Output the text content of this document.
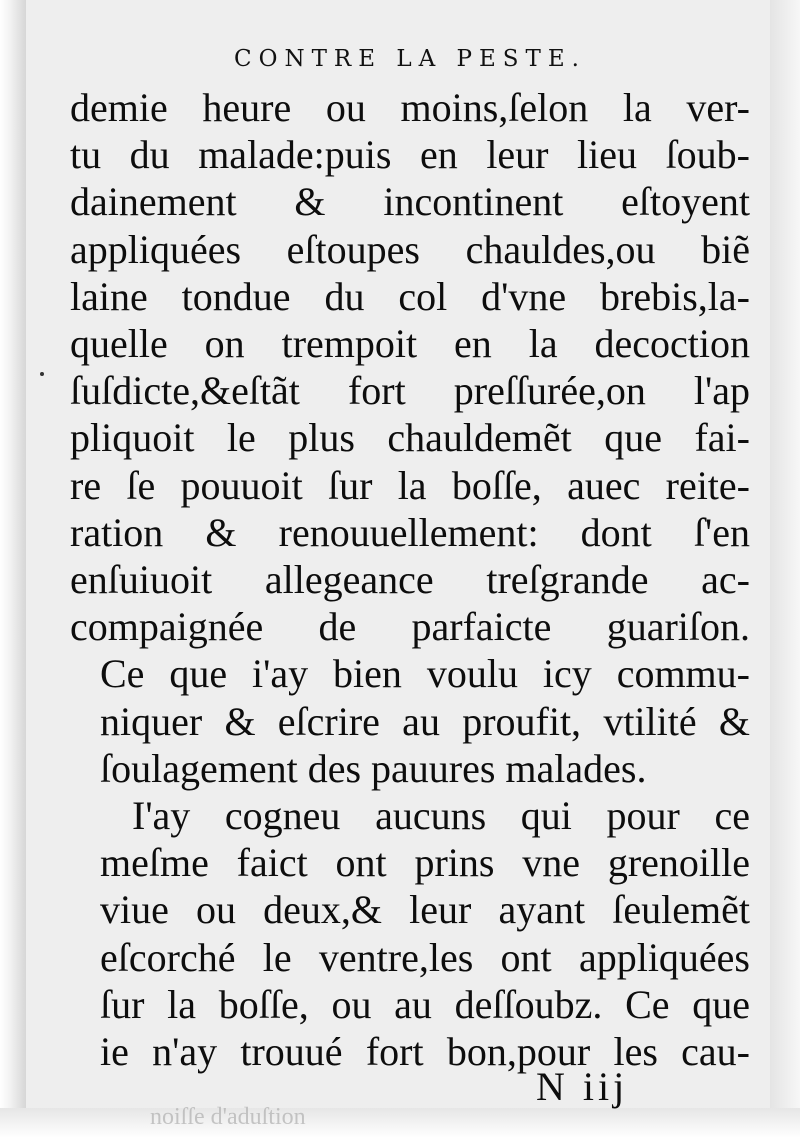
CONTRE LA PESTE.
demie heure ou moins,ſelon la ver-
tu du malade:puis en leur lieu ſoub-
dainement & incontinent eſtoyent
appliquées eſtoupes chauldes,ou biẽ
laine tondue du col d'vne brebis,la-
quelle on trempoit en la decoction
ſuſdicte,&eſtãt fort preſſurée,on l'ap
pliquoit le plus chauldemẽt que fai-
re ſe pouuoit ſur la boſſe, auec reite-
ration & renouuellement: dont ſ'en
enſuiuoit allegeance treſgrande ac-
compaignée de parfaicte guariſon.
Ce que i'ay bien voulu icy commu-
niquer & eſcrire au proufit, vtilité &
ſoulagement des pauures malades.
I'ay cogneu aucuns qui pour ce
meſme faict ont prins vne grenoille
viue ou deux,& leur ayant ſeulemẽt
eſcorché le ventre,les ont appliquées
ſur la boſſe, ou au deſſoubz. Ce que
ie n'ay trouué fort bon,pour les cau-
N iij
noiſſe d'aduſtion
